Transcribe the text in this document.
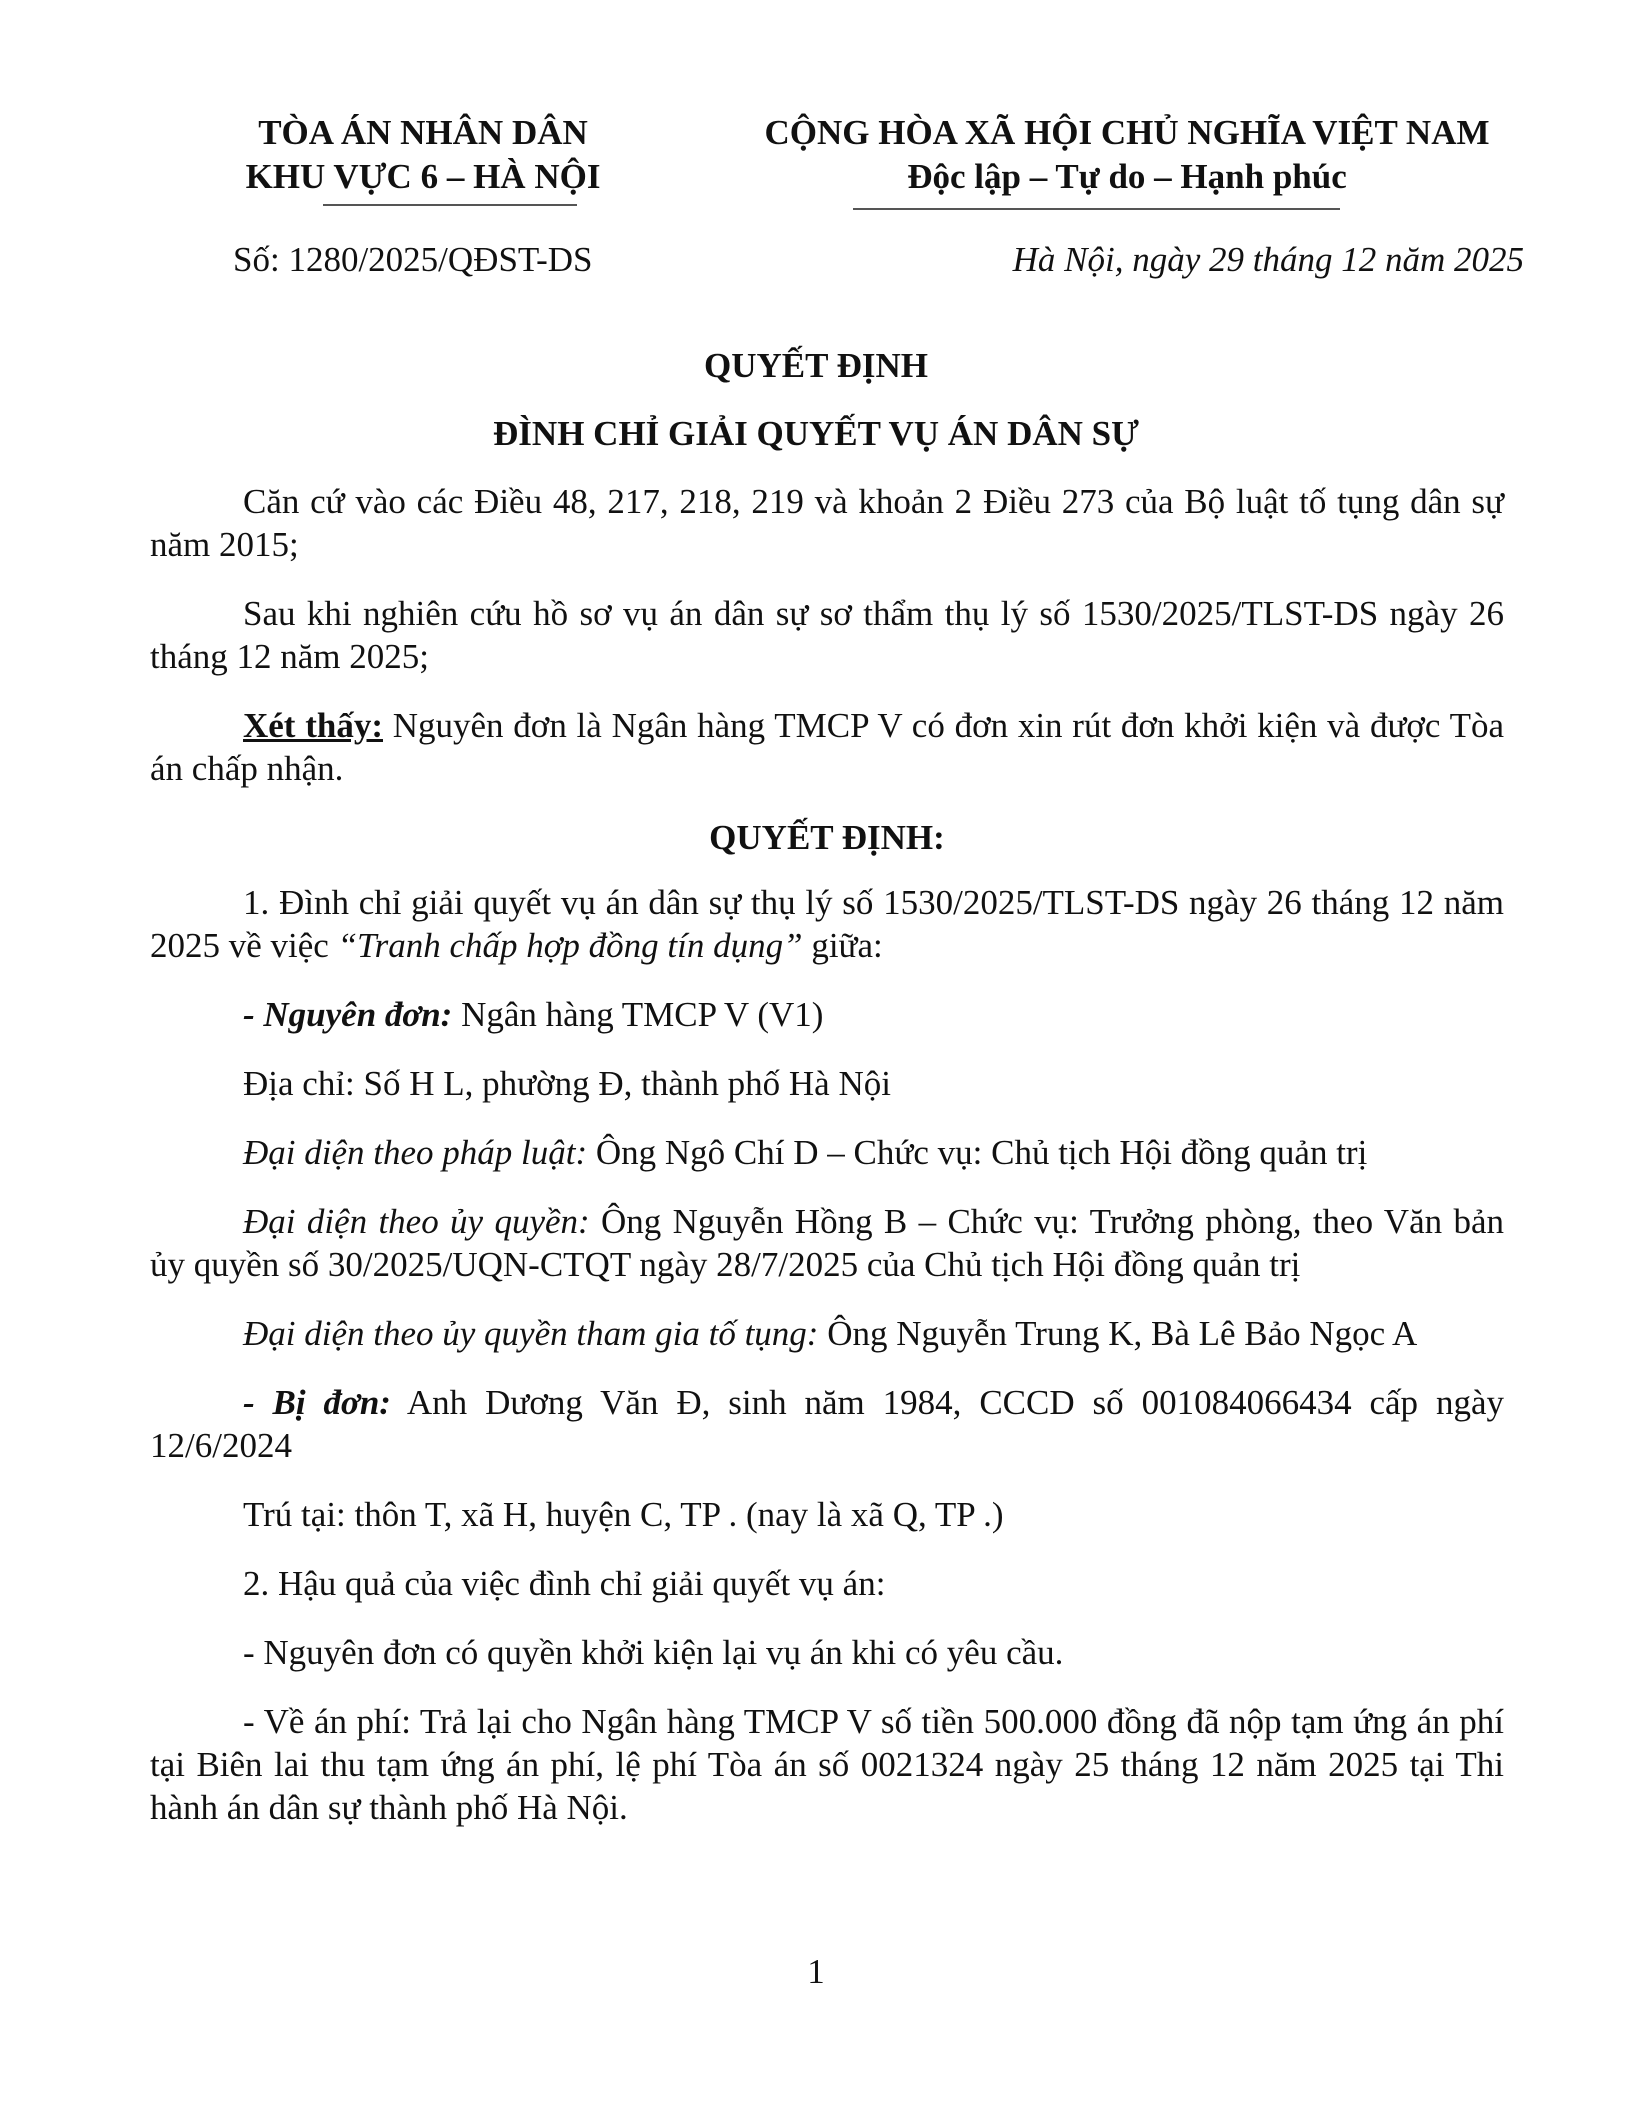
TÒA ÁN NHÂN DÂN
KHU VỰC 6 – HÀ NỘI
CỘNG HÒA XÃ HỘI CHỦ NGHĨA VIỆT NAM
Độc lập – Tự do – Hạnh phúc
Số: 1280/2025/QĐST-DS	Hà Nội, ngày 29 tháng 12 năm 2025
QUYẾT ĐỊNH
ĐÌNH CHỈ GIẢI QUYẾT VỤ ÁN DÂN SỰ

Căn cứ vào các Điều 48, 217, 218, 219 và khoản 2 Điều 273 của Bộ luật tố tụng dân sự năm 2015;

Sau khi nghiên cứu hồ sơ vụ án dân sự sơ thẩm thụ lý số 1530/2025/TLST-DS ngày 26 tháng 12 năm 2025;

Xét thấy: Nguyên đơn là Ngân hàng TMCP V có đơn xin rút đơn khởi kiện và được Tòa án chấp nhận.

QUYẾT ĐỊNH:

1. Đình chỉ giải quyết vụ án dân sự thụ lý số 1530/2025/TLST-DS ngày 26 tháng 12 năm 2025 về việc “Tranh chấp hợp đồng tín dụng” giữa:

- Nguyên đơn: Ngân hàng TMCP V (V1)

Địa chỉ: Số H L, phường Đ, thành phố Hà Nội

Đại diện theo pháp luật: Ông Ngô Chí D – Chức vụ: Chủ tịch Hội đồng quản trị

Đại diện theo ủy quyền: Ông Nguyễn Hồng B – Chức vụ: Trưởng phòng, theo Văn bản ủy quyền số 30/2025/UQN-CTQT ngày 28/7/2025 của Chủ tịch Hội đồng quản trị

Đại diện theo ủy quyền tham gia tố tụng: Ông Nguyễn Trung K, Bà Lê Bảo Ngọc A

- Bị đơn: Anh Dương Văn Đ, sinh năm 1984, CCCD số 001084066434 cấp ngày 12/6/2024

Trú tại: thôn T, xã H, huyện C, TP . (nay là xã Q, TP .)

2. Hậu quả của việc đình chỉ giải quyết vụ án:

- Nguyên đơn có quyền khởi kiện lại vụ án khi có yêu cầu.

- Về án phí: Trả lại cho Ngân hàng TMCP V số tiền 500.000 đồng đã nộp tạm ứng án phí tại Biên lai thu tạm ứng án phí, lệ phí Tòa án số 0021324 ngày 25 tháng 12 năm 2025 tại Thi hành án dân sự thành phố Hà Nội.

1
